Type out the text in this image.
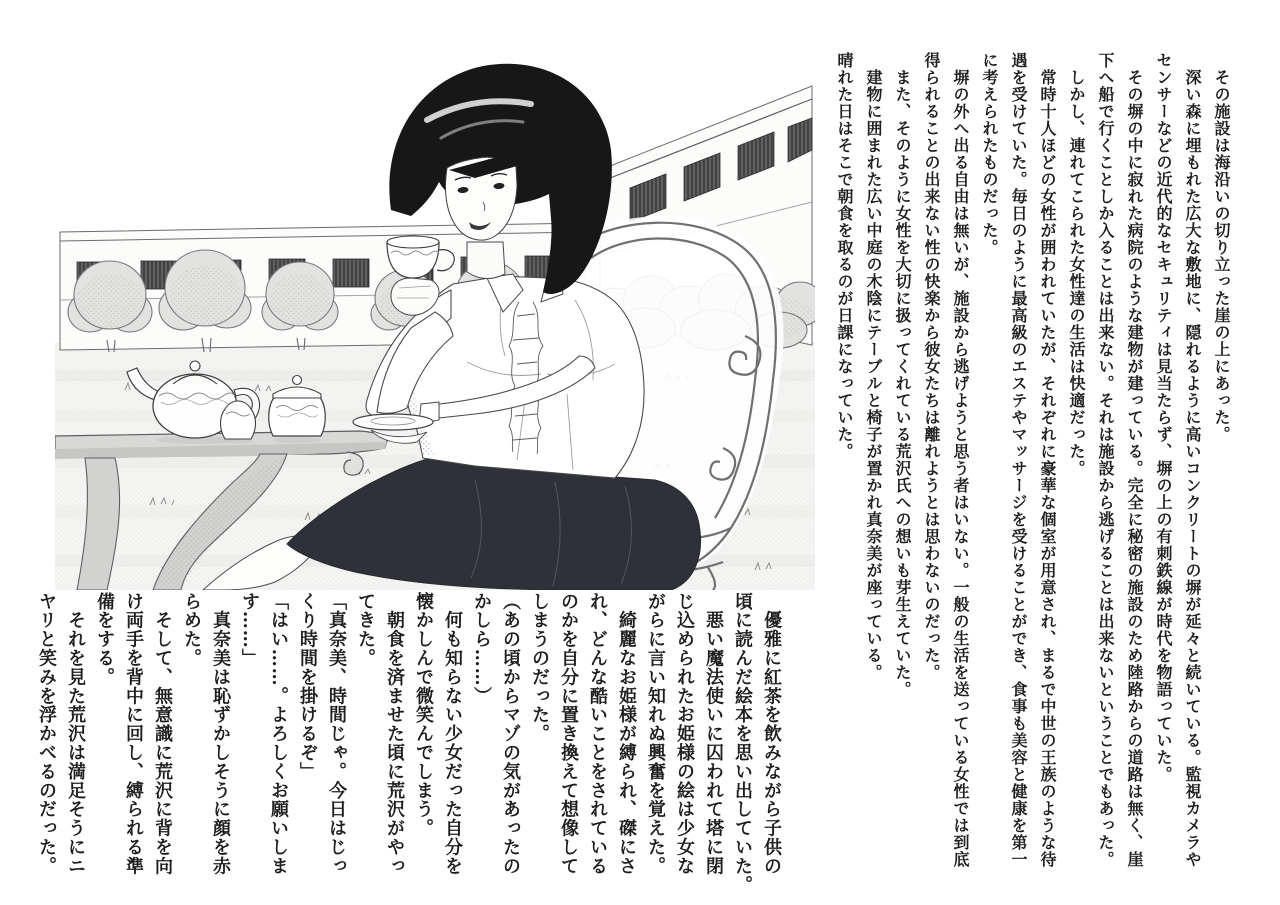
　その施設は海沿いの切り立った崖の上にあった。
　深い森に埋もれた広大な敷地に、隠れるように高いコンクリートの塀が延々と続いている。監視カメラや
センサーなどの近代的なセキュリティは見当たらず、塀の上の有刺鉄線が時代を物語っていた。
　その塀の中に寂れた病院のような建物が建っている。完全に秘密の施設のため陸路からの道路は無く、崖
下へ船で行くことしか入ることは出来ない。それは施設から逃げることは出来ないということでもあった。
　しかし、連れてこられた女性達の生活は快適だった。
　常時十人ほどの女性が囲われていたが、それぞれに豪華な個室が用意され、まるで中世の王族のような待
遇を受けていた。毎日のように最高級のエステやマッサージを受けることができ、食事も美容と健康を第一
に考えられたものだった。
　塀の外へ出る自由は無いが、施設から逃げようと思う者はいない。一般の生活を送っている女性では到底
得られることの出来ない性の快楽から彼女たちは離れようとは思わないのだった。
　また、そのように女性を大切に扱ってくれている荒沢氏への想いも芽生えていた。
　建物に囲まれた広い中庭の木陰にテーブルと椅子が置かれ真奈美が座っている。
晴れた日はそこで朝食を取るのが日課になっていた。
　優雅に紅茶を飲みながら子供の
頃に読んだ絵本を思い出していた。
　悪い魔法使いに囚われて塔に閉
じ込められたお姫様の絵は少女な
がらに言い知れぬ興奮を覚えた。
　綺麗なお姫様が縛られ、磔にさ
れ、どんな酷いことをされている
のかを自分に置き換えて想像して
しまうのだった。
（あの頃からマゾの気があったの
かしら……）
　何も知らない少女だった自分を
懐かしんで微笑んでしまう。
　朝食を済ませた頃に荒沢がやっ
てきた。
「真奈美、時間じゃ。今日はじっ
くり時間を掛けるぞ」
「はい……。よろしくお願いしま
す……」
　真奈美は恥ずかしそうに顔を赤
らめた。
　そして、無意識に荒沢に背を向
け両手を背中に回し、縛られる準
備をする。
　それを見た荒沢は満足そうにニ
ヤリと笑みを浮かべるのだった。
